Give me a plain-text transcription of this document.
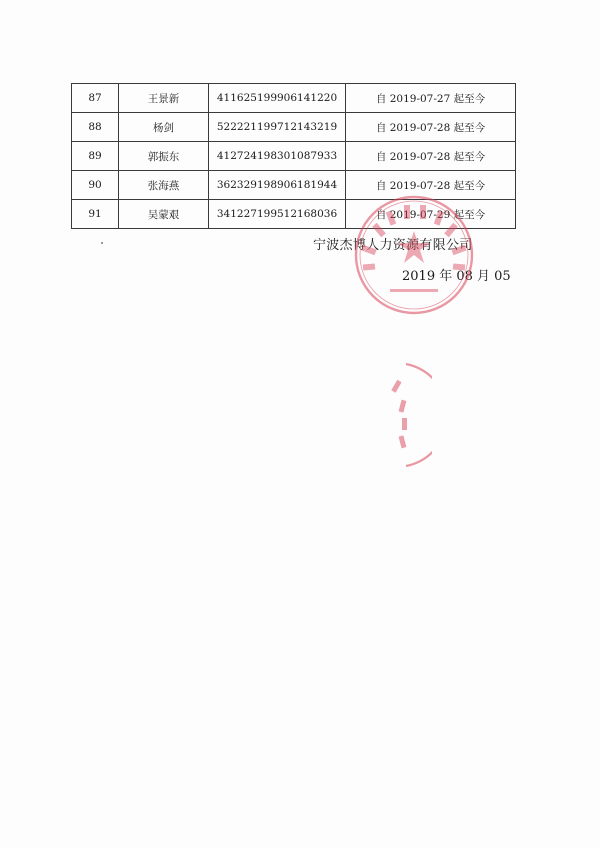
87	王景新	411625199906141220	自 2019-07-27 起至今
88	杨剑	522221199712143219	自 2019-07-28 起至今
89	郭振东	412724198301087933	自 2019-07-28 起至今
90	张海燕	362329198906181944	自 2019-07-28 起至今
91	吴蒙艰	341227199512168036	自 2019-07-29 起至今
宁波杰博人力资源有限公司
2019 年 08 月 05
